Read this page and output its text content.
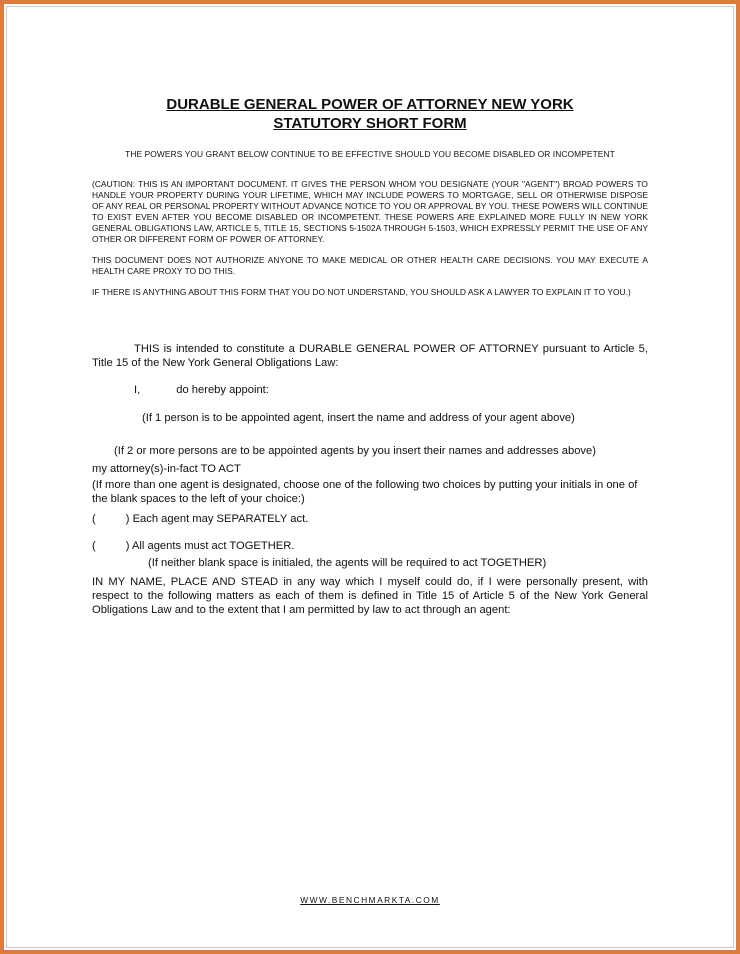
DURABLE GENERAL POWER OF ATTORNEY NEW YORK

STATUTORY SHORT FORM

THE POWERS YOU GRANT BELOW CONTINUE TO BE EFFECTIVE SHOULD YOU BECOME DISABLED OR INCOMPETENT

(CAUTION: THIS IS AN IMPORTANT DOCUMENT. IT GIVES THE PERSON WHOM YOU DESIGNATE (YOUR "AGENT") BROAD POWERS TO HANDLE YOUR PROPERTY DURING YOUR LIFETIME, WHICH MAY INCLUDE POWERS TO MORTGAGE, SELL OR OTHERWISE DISPOSE OF ANY REAL OR PERSONAL PROPERTY WITHOUT ADVANCE NOTICE TO YOU OR APPROVAL BY YOU. THESE POWERS WILL CONTINUE TO EXIST EVEN AFTER YOU BECOME DISABLED OR INCOMPETENT. THESE POWERS ARE EXPLAINED MORE FULLY IN NEW YORK GENERAL OBLIGATIONS LAW, ARTICLE 5, TITLE 15, SECTIONS 5-1502A THROUGH 5-1503, WHICH EXPRESSLY PERMIT THE USE OF ANY OTHER OR DIFFERENT FORM OF POWER OF ATTORNEY.

THIS DOCUMENT DOES NOT AUTHORIZE ANYONE TO MAKE MEDICAL OR OTHER HEALTH CARE DECISIONS. YOU MAY EXECUTE A HEALTH CARE PROXY TO DO THIS.

IF THERE IS ANYTHING ABOUT THIS FORM THAT YOU DO NOT UNDERSTAND, YOU SHOULD ASK A LAWYER TO EXPLAIN IT TO YOU.)

THIS is intended to constitute a DURABLE GENERAL POWER OF ATTORNEY pursuant to Article 5, Title 15 of the New York General Obligations Law:

I,	do hereby appoint:

(If 1 person is to be appointed agent, insert the name and address of your agent above)

(If 2 or more persons are to be appointed agents by you insert their names and addresses above)

my attorney(s)-in-fact TO ACT

(If more than one agent is designated, choose one of the following two choices by putting your initials in one of the blank spaces to the left of your choice:)

(	) Each agent may SEPARATELY act.

(	) All agents must act TOGETHER.

(If neither blank space is initialed, the agents will be required to act TOGETHER)

IN MY NAME, PLACE AND STEAD in any way which I myself could do, if I were personally present, with respect to the following matters as each of them is defined in Title 15 of Article 5 of the New York General Obligations Law and to the extent that I am permitted by law to act through an agent:

WWW.BENCHMARKTA.COM
